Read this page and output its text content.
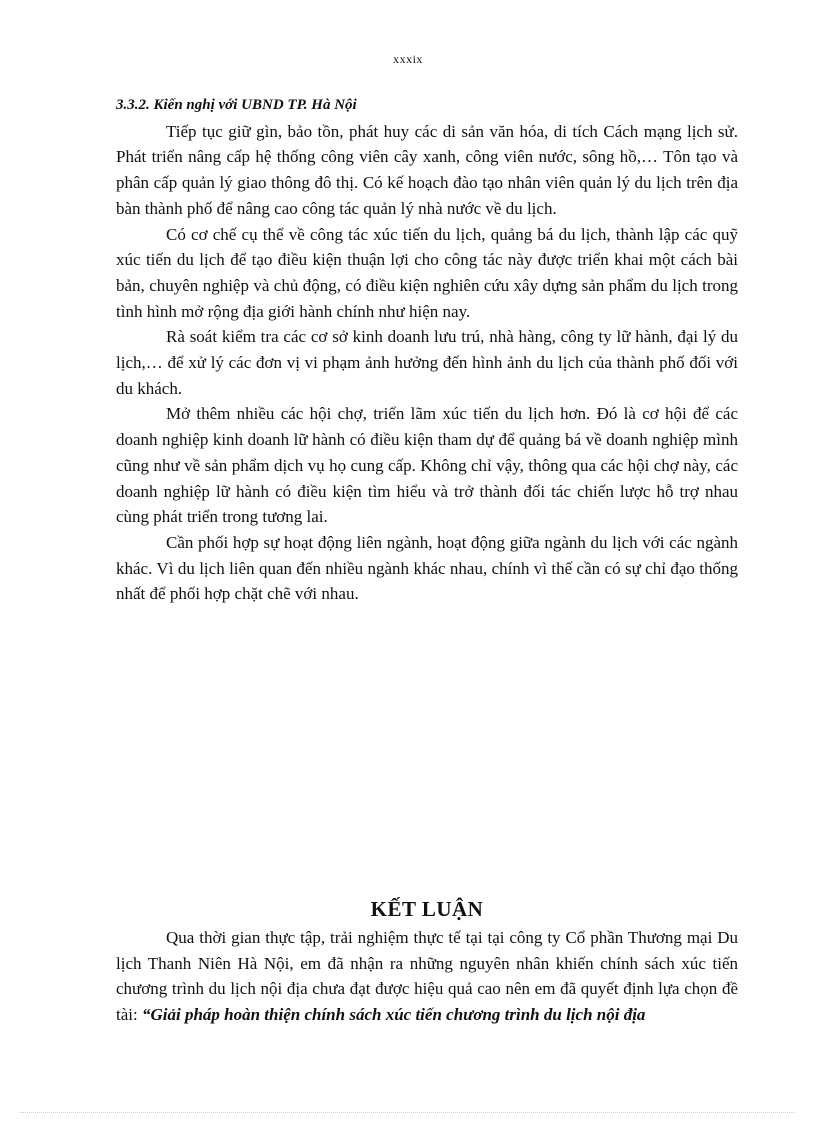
xxxix
3.3.2. Kiến nghị với UBND TP. Hà Nội

Tiếp tục giữ gìn, bảo tồn, phát huy các di sản văn hóa, di tích Cách mạng lịch sử. Phát triển nâng cấp hệ thống công viên cây xanh, công viên nước, sông hồ,… Tôn tạo và phân cấp quản lý giao thông đô thị. Có kế hoạch đào tạo nhân viên quản lý du lịch trên địa bàn thành phố để nâng cao công tác quản lý nhà nước về du lịch.

Có cơ chế cụ thể về công tác xúc tiến du lịch, quảng bá du lịch, thành lập các quỹ xúc tiến du lịch để tạo điều kiện thuận lợi cho công tác này được triển khai một cách bài bản, chuyên nghiệp và chủ động, có điều kiện nghiên cứu xây dựng sản phẩm du lịch trong tình hình mở rộng địa giới hành chính như hiện nay.

Rà soát kiểm tra các cơ sở kinh doanh lưu trú, nhà hàng, công ty lữ hành, đại lý du lịch,… để xử lý các đơn vị vi phạm ảnh hưởng đến hình ảnh du lịch của thành phố đối với du khách.

Mở thêm nhiều các hội chợ, triển lãm xúc tiến du lịch hơn. Đó là cơ hội để các doanh nghiệp kinh doanh lữ hành có điều kiện tham dự để quảng bá về doanh nghiệp mình cũng như về sản phẩm dịch vụ họ cung cấp. Không chỉ vậy, thông qua các hội chợ này, các doanh nghiệp lữ hành có điều kiện tìm hiểu và trở thành đối tác chiến lược hỗ trợ nhau cùng phát triển trong tương lai.

Cần phối hợp sự hoạt động liên ngành, hoạt động giữa ngành du lịch với các ngành khác. Vì du lịch liên quan đến nhiều ngành khác nhau, chính vì thế cần có sự chỉ đạo thống nhất để phối hợp chặt chẽ với nhau.

KẾT LUẬN

Qua thời gian thực tập, trải nghiệm thực tế tại tại công ty Cổ phần Thương mại Du lịch Thanh Niên Hà Nội, em đã nhận ra những nguyên nhân khiến chính sách xúc tiến chương trình du lịch nội địa chưa đạt được hiệu quả cao nên em đã quyết định lựa chọn đề tài: “Giải pháp hoàn thiện chính sách xúc tiến chương trình du lịch nội địa
